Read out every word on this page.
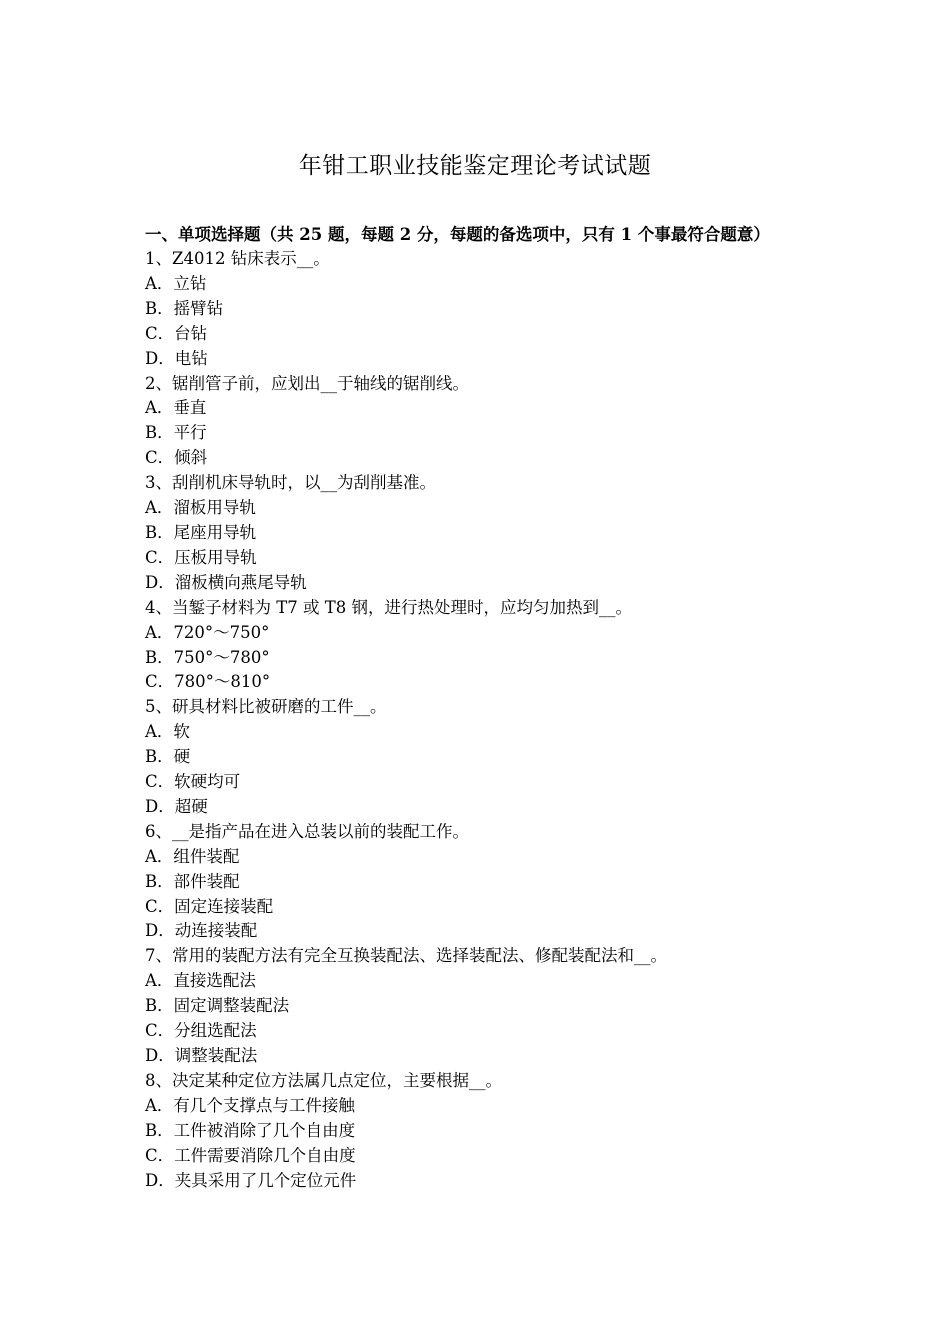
年钳工职业技能鉴定理论考试试题

一、单项选择题（共 25 题，每题 2 分，每题的备选项中，只有 1 个事最符合题意）

1、Z4012 钻床表示__。

A．立钻

B．摇臂钻

C．台钻

D．电钻

2、锯削管子前，应划出__于轴线的锯削线。

A．垂直

B．平行

C．倾斜

3、刮削机床导轨时，以__为刮削基准。

A．溜板用导轨

B．尾座用导轨

C．压板用导轨

D．溜板横向燕尾导轨

4、当錾子材料为 T7 或 T8 钢，进行热处理时，应均匀加热到__。

A．720°～750°

B．750°～780°

C．780°～810°

5、研具材料比被研磨的工件__。

A．软

B．硬

C．软硬均可

D．超硬

6、__是指产品在进入总装以前的装配工作。

A．组件装配

B．部件装配

C．固定连接装配

D．动连接装配

7、常用的装配方法有完全互换装配法、选择装配法、修配装配法和__。

A．直接选配法

B．固定调整装配法

C．分组选配法

D．调整装配法

8、决定某种定位方法属几点定位，主要根据__。

A．有几个支撑点与工件接触

B．工件被消除了几个自由度

C．工件需要消除几个自由度

D．夹具采用了几个定位元件
